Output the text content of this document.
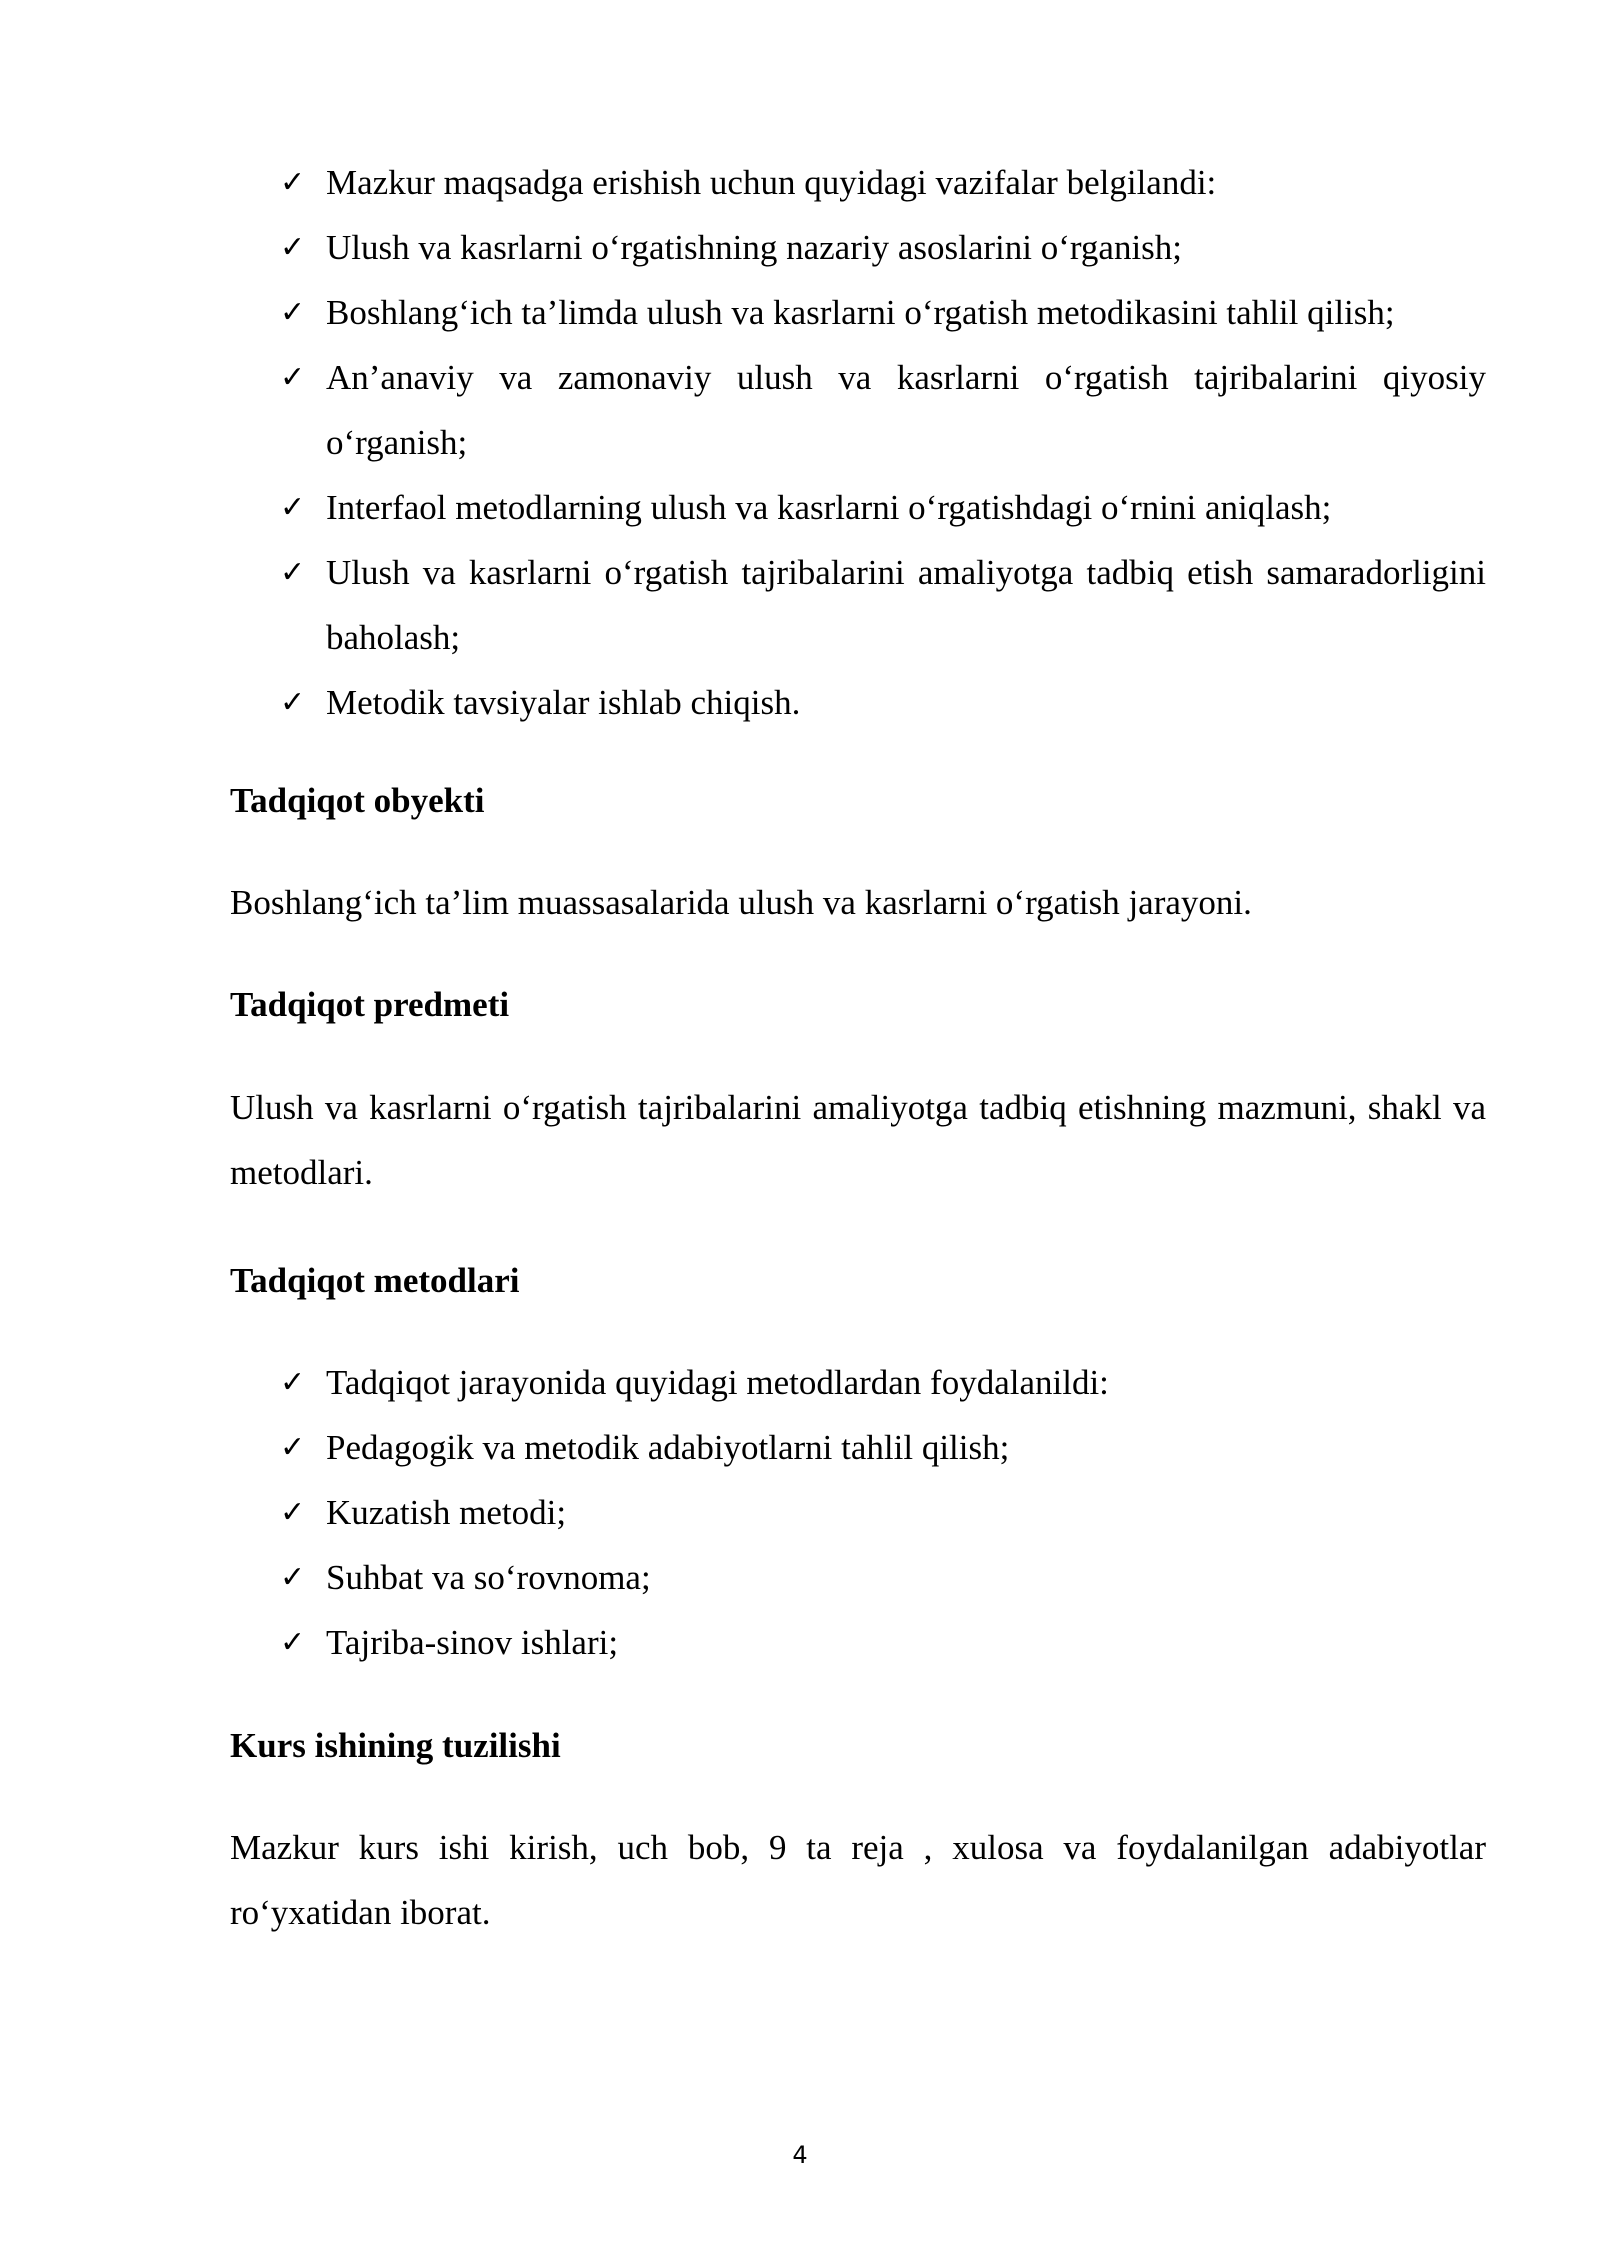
✓ Mazkur maqsadga erishish uchun quyidagi vazifalar belgilandi:
✓ Ulush va kasrlarni o‘rgatishning nazariy asoslarini o‘rganish;
✓ Boshlang‘ich ta’limda ulush va kasrlarni o‘rgatish metodikasini tahlil qilish;
✓ An’anaviy va zamonaviy ulush va kasrlarni o‘rgatish tajribalarini qiyosiy o‘rganish;
✓ Interfaol metodlarning ulush va kasrlarni o‘rgatishdagi o‘rnini aniqlash;
✓ Ulush va kasrlarni o‘rgatish tajribalarini amaliyotga tadbiq etish samaradorligini baholash;
✓ Metodik tavsiyalar ishlab chiqish.
Tadqiqot obyekti

Boshlang‘ich ta’lim muassasalarida ulush va kasrlarni o‘rgatish jarayoni.

Tadqiqot predmeti

Ulush va kasrlarni o‘rgatish tajribalarini amaliyotga tadbiq etishning mazmuni, shakl va metodlari.

Tadqiqot metodlari
✓ Tadqiqot jarayonida quyidagi metodlardan foydalanildi:
✓ Pedagogik va metodik adabiyotlarni tahlil qilish;
✓ Kuzatish metodi;
✓ Suhbat va so‘rovnoma;
✓ Tajriba-sinov ishlari;
Kurs ishining tuzilishi

Mazkur kurs ishi kirish, uch bob, 9 ta reja , xulosa va foydalanilgan adabiyotlar ro‘yxatidan iborat.

4
